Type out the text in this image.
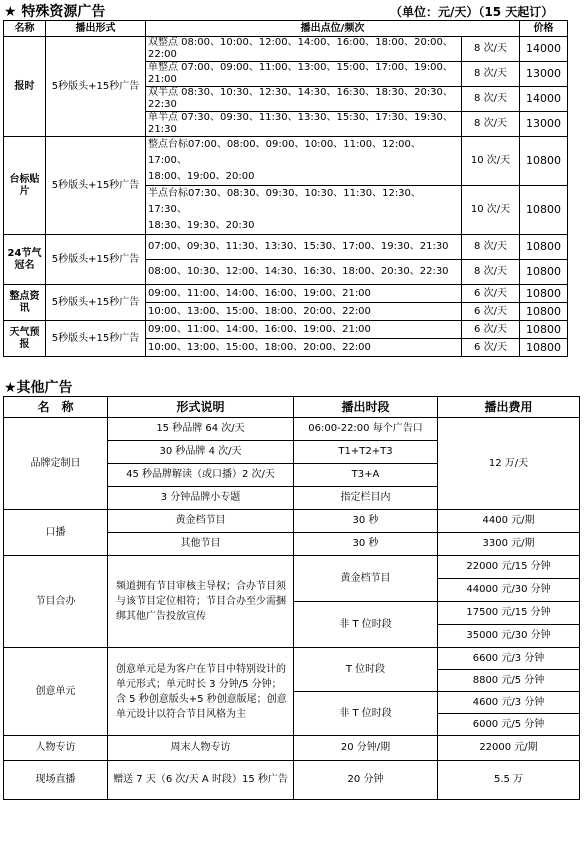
★ 特殊资源广告	（单位：元/天）（15 天起订）
名称	播出形式	播出点位/频次		价格
报时	5秒版头+15秒广告	双整点 08:00、10:00、12:00、14:00、16:00、18:00、20:00、22:00	8 次/天	14000
		单整点 07:00、09:00、11:00、13:00、15:00、17:00、19:00、21:00	8 次/天	13000
		双半点 08:30、10:30、12:30、14:30、16:30、18:30、20:30、22:30	8 次/天	14000
		单半点 07:30、09:30、11:30、13:30、15:30、17:30、19:30、21:30	8 次/天	13000
台标贴片	5秒版头+15秒广告	整点台标07:00、08:00、09:00、10:00、11:00、12:00、17:00、
18:00、19:00、20:00	10 次/天	10800

		半点台标07:30、08:30、09:30、10:30、11:30、12:30、17:30、
18:30、19:30、20:30	10 次/天	10800
24节气冠名	5秒版头+15秒广告	07:00、09:30、11:30、13:30、15:30、17:00、19:30、21:30	8 次/天	10800
		08:00、10:30、12:00、14:30、16:30、18:00、20:30、22:30	8 次/天	10800
整点资讯	5秒版头+15秒广告	09:00、11:00、14:00、16:00、19:00、21:00	6 次/天	10800
		10:00、13:00、15:00、18:00、20:00、22:00	6 次/天	10800
天气预报	5秒版头+15秒广告	09:00、11:00、14:00、16:00、19:00、21:00	6 次/天	10800
		10:00、13:00、15:00、18:00、20:00、22:00	6 次/天	10800
★其他广告
名　称	形式说明	播出时段	播出费用
品牌定制日	15 秒品牌 64 次/天	06:00-22:00 每个广告口	12 万/天
	30 秒品牌 4 次/天	T1+T2+T3	
	45 秒品牌解读（或口播）2 次/天	T3+A	
	3 分钟品牌小专题	指定栏目内	
口播	黄金档节目	30 秒	4400 元/期
	其他节目	30 秒	3300 元/期
节目合办	频道拥有节目审核主导权；合办节目须与该节目定位相符；节目合办至少需捆绑其他广告投放宣传	黄金档节目	22000 元/15 分钟
			44000 元/30 分钟
		非 T 位时段	17500 元/15 分钟
			35000 元/30 分钟
创意单元	创意单元是为客户在节目中特别设计的单元形式；单元时长 3 分钟/5 分钟；含 5 秒创意版头+5 秒创意版尾；创意单元设计以符合节目风格为主	T 位时段	6600 元/3 分钟
			8800 元/5 分钟
		非 T 位时段	4600 元/3 分钟
			6000 元/5 分钟
人物专访	周末人物专访	20 分钟/期	22000 元/期
现场直播	赠送 7 天（6 次/天 A 时段）15 秒广告	20 分钟	5.5 万
